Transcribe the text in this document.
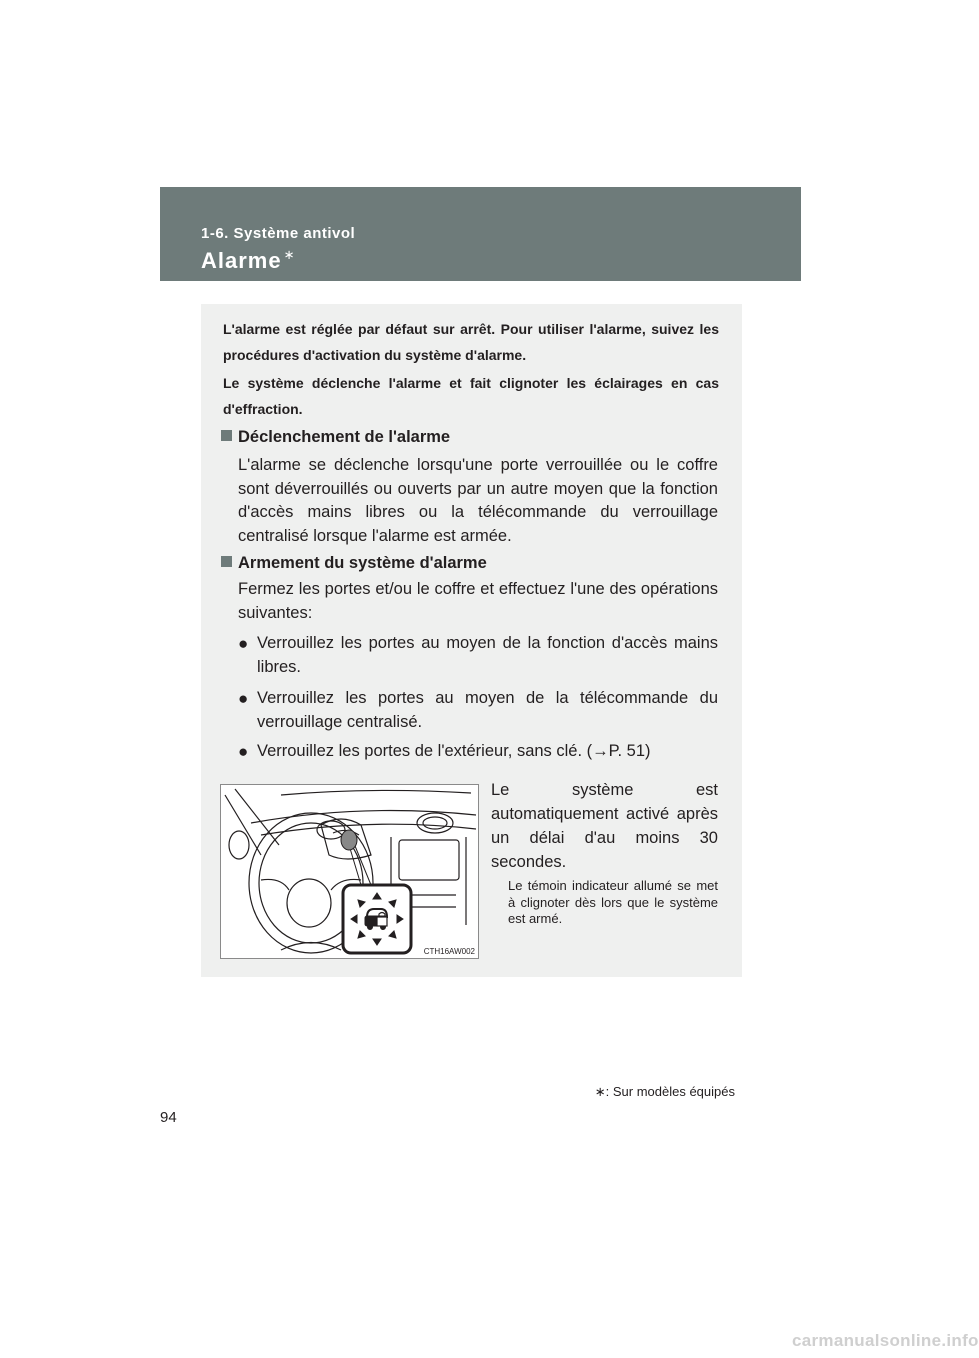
1-6. Système antivol
Alarme ∗
L'alarme est réglée par défaut sur arrêt. Pour utiliser l'alarme, suivez les procédures d'activation du système d'alarme.
Le système déclenche l'alarme et fait clignoter les éclairages en cas d'effraction.
Déclenchement de l'alarme
L'alarme se déclenche lorsqu'une porte verrouillée ou le coffre sont déverrouillés ou ouverts par un autre moyen que la fonction d'accès mains libres ou la télécommande du verrouillage centralisé lorsque l'alarme est armée.
Armement du système d'alarme
Fermez les portes et/ou le coffre et effectuez l'une des opérations suivantes:
● Verrouillez les portes au moyen de la fonction d'accès mains libres.
● Verrouillez les portes au moyen de la télécommande du verrouillage centralisé.
● Verrouillez les portes de l'extérieur, sans clé. (→P. 51)
CTH16AW002
Le système est
automatiquement activé après
un délai d'au moins 30
secondes.
Le témoin indicateur allumé se met à clignoter dès lors que le système est armé.
∗: Sur modèles équipés
94
carmanualsonline.info
